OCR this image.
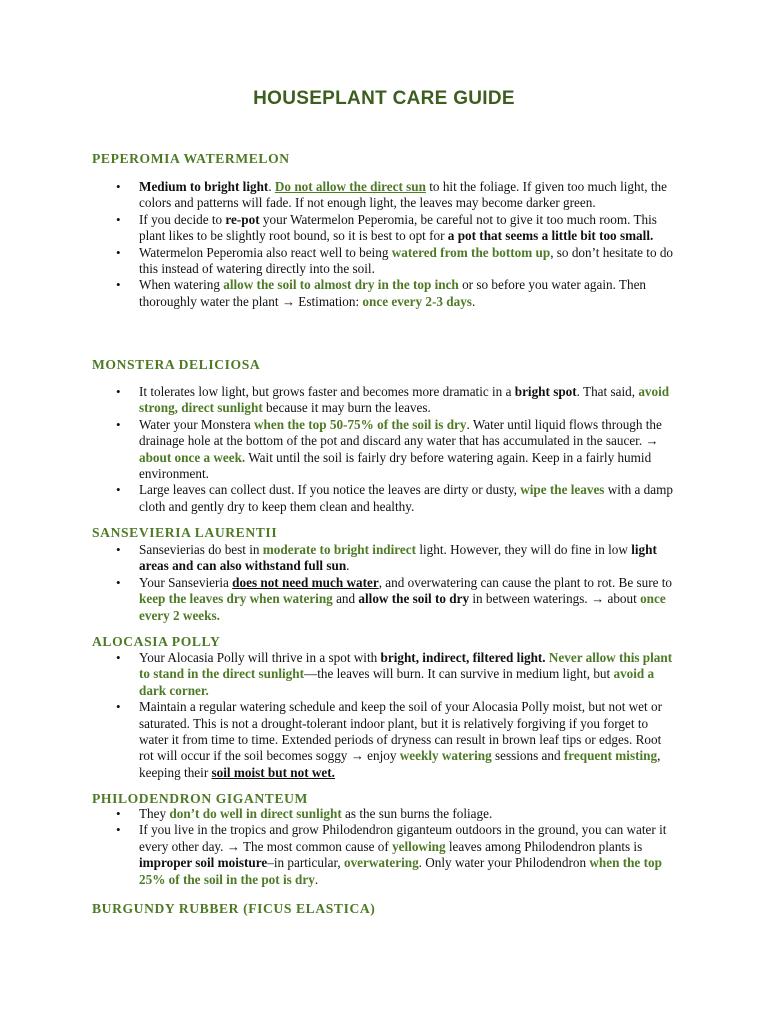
HOUSEPLANT CARE GUIDE
PEPEROMIA WATERMELON
• Medium to bright light. Do not allow the direct sun to hit the foliage. If given too much light, the colors and patterns will fade. If not enough light, the leaves may become darker green.
• If you decide to re-pot your Watermelon Peperomia, be careful not to give it too much room. This plant likes to be slightly root bound, so it is best to opt for a pot that seems a little bit too small.
• Watermelon Peperomia also react well to being watered from the bottom up, so don’t hesitate to do this instead of watering directly into the soil.
• When watering allow the soil to almost dry in the top inch or so before you water again. Then thoroughly water the plant → Estimation: once every 2-3 days.
MONSTERA DELICIOSA
• It tolerates low light, but grows faster and becomes more dramatic in a bright spot. That said, avoid strong, direct sunlight because it may burn the leaves.
• Water your Monstera when the top 50-75% of the soil is dry. Water until liquid flows through the drainage hole at the bottom of the pot and discard any water that has accumulated in the saucer. → about once a week. Wait until the soil is fairly dry before watering again. Keep in a fairly humid environment.
• Large leaves can collect dust. If you notice the leaves are dirty or dusty, wipe the leaves with a damp cloth and gently dry to keep them clean and healthy.
SANSEVIERIA LAURENTII
• Sansevierias do best in moderate to bright indirect light. However, they will do fine in low light areas and can also withstand full sun.
• Your Sansevieria does not need much water, and overwatering can cause the plant to rot. Be sure to keep the leaves dry when watering and allow the soil to dry in between waterings. → about once every 2 weeks.
ALOCASIA POLLY
• Your Alocasia Polly will thrive in a spot with bright, indirect, filtered light. Never allow this plant to stand in the direct sunlight—the leaves will burn. It can survive in medium light, but avoid a dark corner.
• Maintain a regular watering schedule and keep the soil of your Alocasia Polly moist, but not wet or saturated. This is not a drought-tolerant indoor plant, but it is relatively forgiving if you forget to water it from time to time. Extended periods of dryness can result in brown leaf tips or edges. Root rot will occur if the soil becomes soggy → enjoy weekly watering sessions and frequent misting, keeping their soil moist but not wet.
PHILODENDRON GIGANTEUM
• They don’t do well in direct sunlight as the sun burns the foliage.
• If you live in the tropics and grow Philodendron giganteum outdoors in the ground, you can water it every other day. → The most common cause of yellowing leaves among Philodendron plants is improper soil moisture–in particular, overwatering. Only water your Philodendron when the top 25% of the soil in the pot is dry.
BURGUNDY RUBBER (FICUS ELASTICA)
